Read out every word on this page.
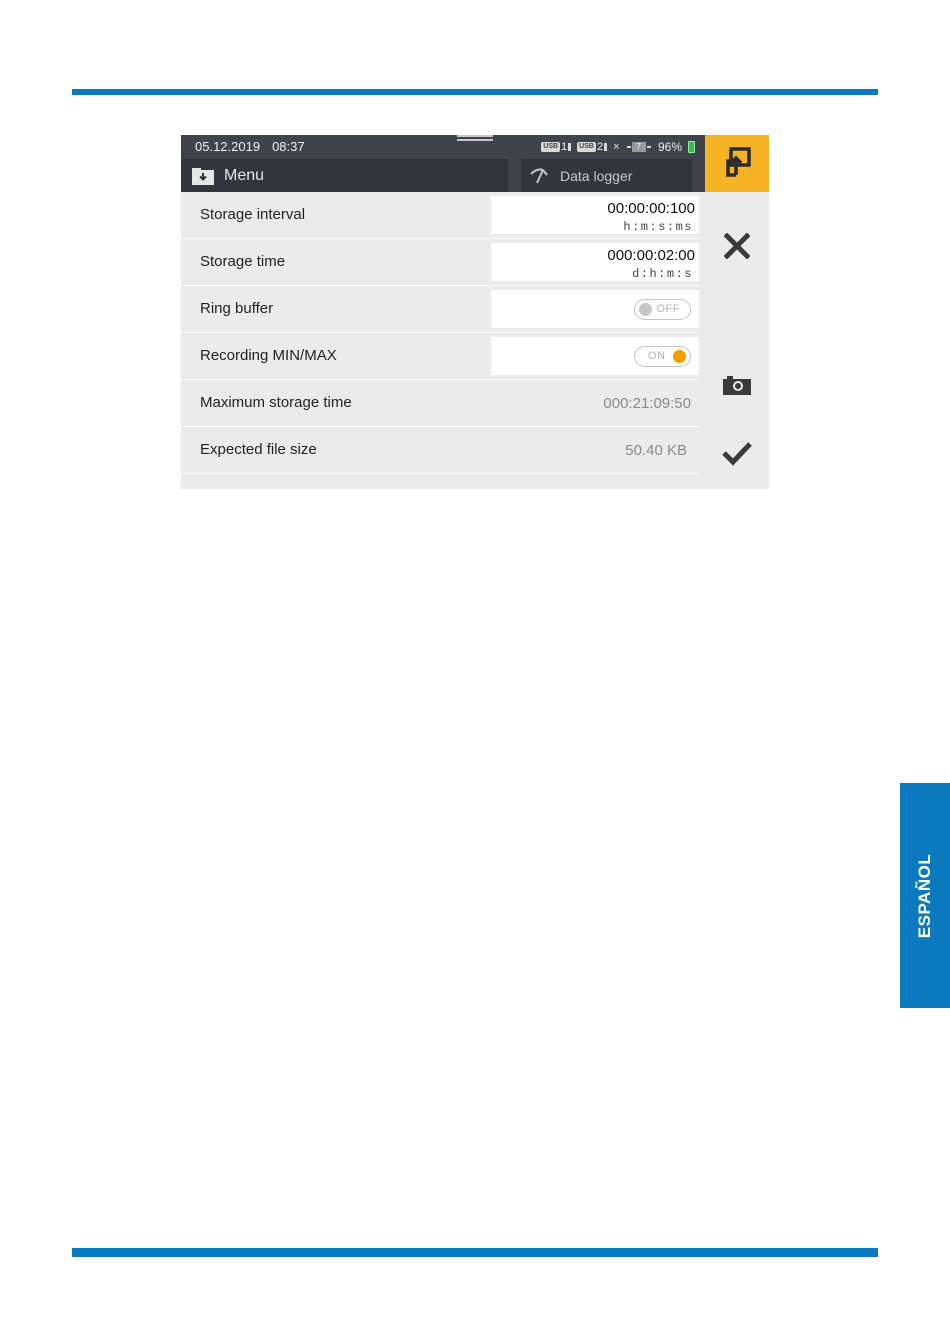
05.12.2019 08:37	USB 1 USB 2 ×	7	96%
Menu	Data logger
Storage interval	00:00:00:100
h:m:s:ms
Storage time	000:00:02:00
d:h:m:s
Ring buffer	OFF
Recording MIN/MAX	ON
Maximum storage time	000:21:09:50
Expected file size	50.40 KB
ESPAÑOL
